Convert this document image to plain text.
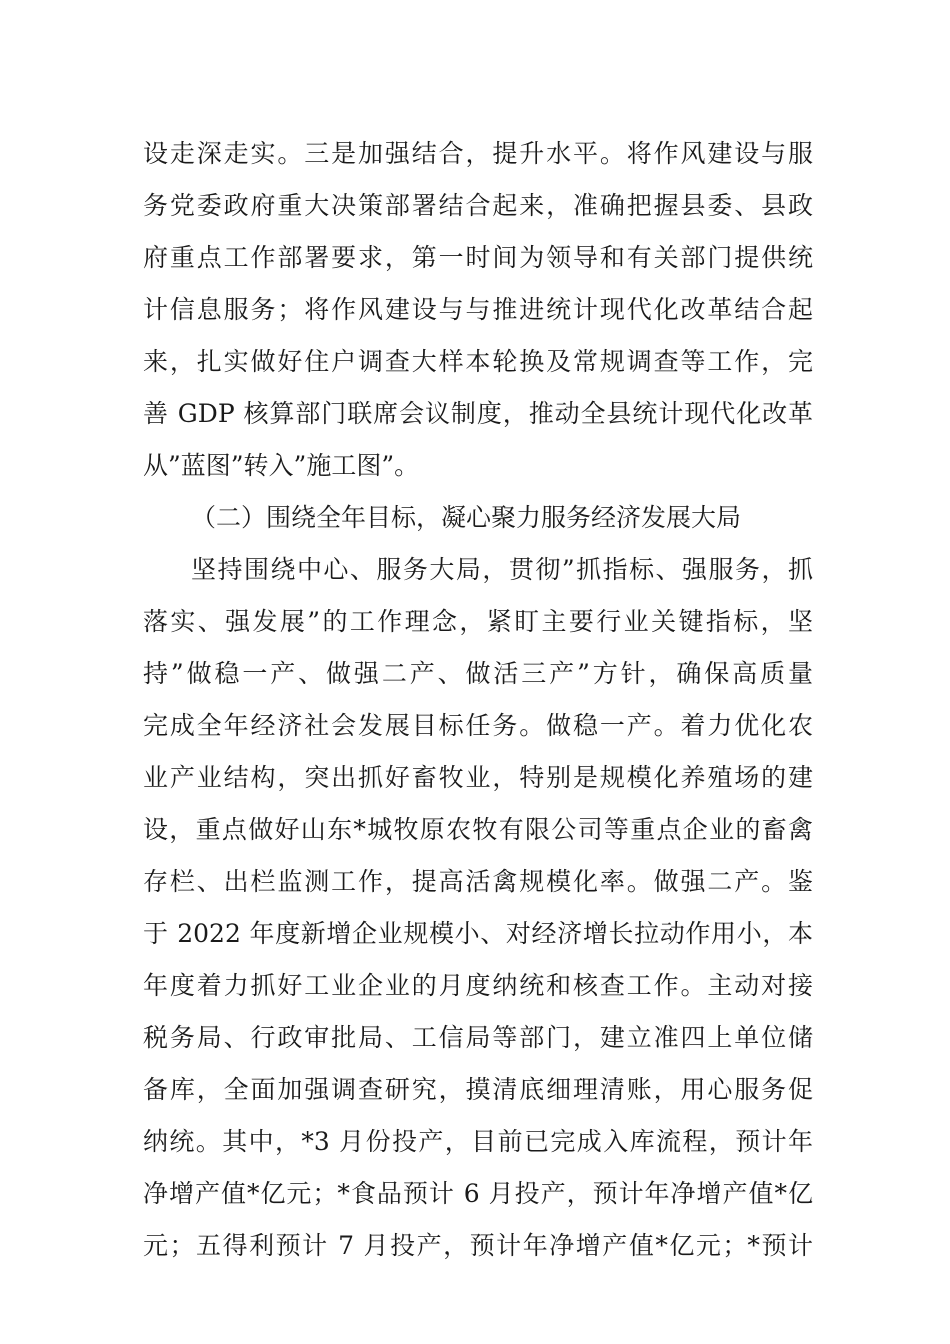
设走深走实。三是加强结合，提升水平。将作风建设与服
务党委政府重大决策部署结合起来，准确把握县委、县政
府重点工作部署要求，第一时间为领导和有关部门提供统
计信息服务；将作风建设与与推进统计现代化改革结合起
来，扎实做好住户调查大样本轮换及常规调查等工作，完
善 GDP 核算部门联席会议制度，推动全县统计现代化改革
从”蓝图”转入”施工图”。
（二）围绕全年目标，凝心聚力服务经济发展大局
坚持围绕中心、服务大局，贯彻”抓指标、强服务，抓
落实、强发展”的工作理念，紧盯主要行业关键指标，坚
持”做稳一产、做强二产、做活三产”方针，确保高质量
完成全年经济社会发展目标任务。做稳一产。着力优化农
业产业结构，突出抓好畜牧业，特别是规模化养殖场的建
设，重点做好山东*城牧原农牧有限公司等重点企业的畜禽
存栏、出栏监测工作，提高活禽规模化率。做强二产。鉴
于 2022 年度新增企业规模小、对经济增长拉动作用小，本
年度着力抓好工业企业的月度纳统和核查工作。主动对接
税务局、行政审批局、工信局等部门，建立准四上单位储
备库，全面加强调查研究，摸清底细理清账，用心服务促
纳统。其中，*3 月份投产，目前已完成入库流程，预计年
净增产值*亿元；*食品预计 6 月投产，预计年净增产值*亿
元；五得利预计 7 月投产，预计年净增产值*亿元；*预计
